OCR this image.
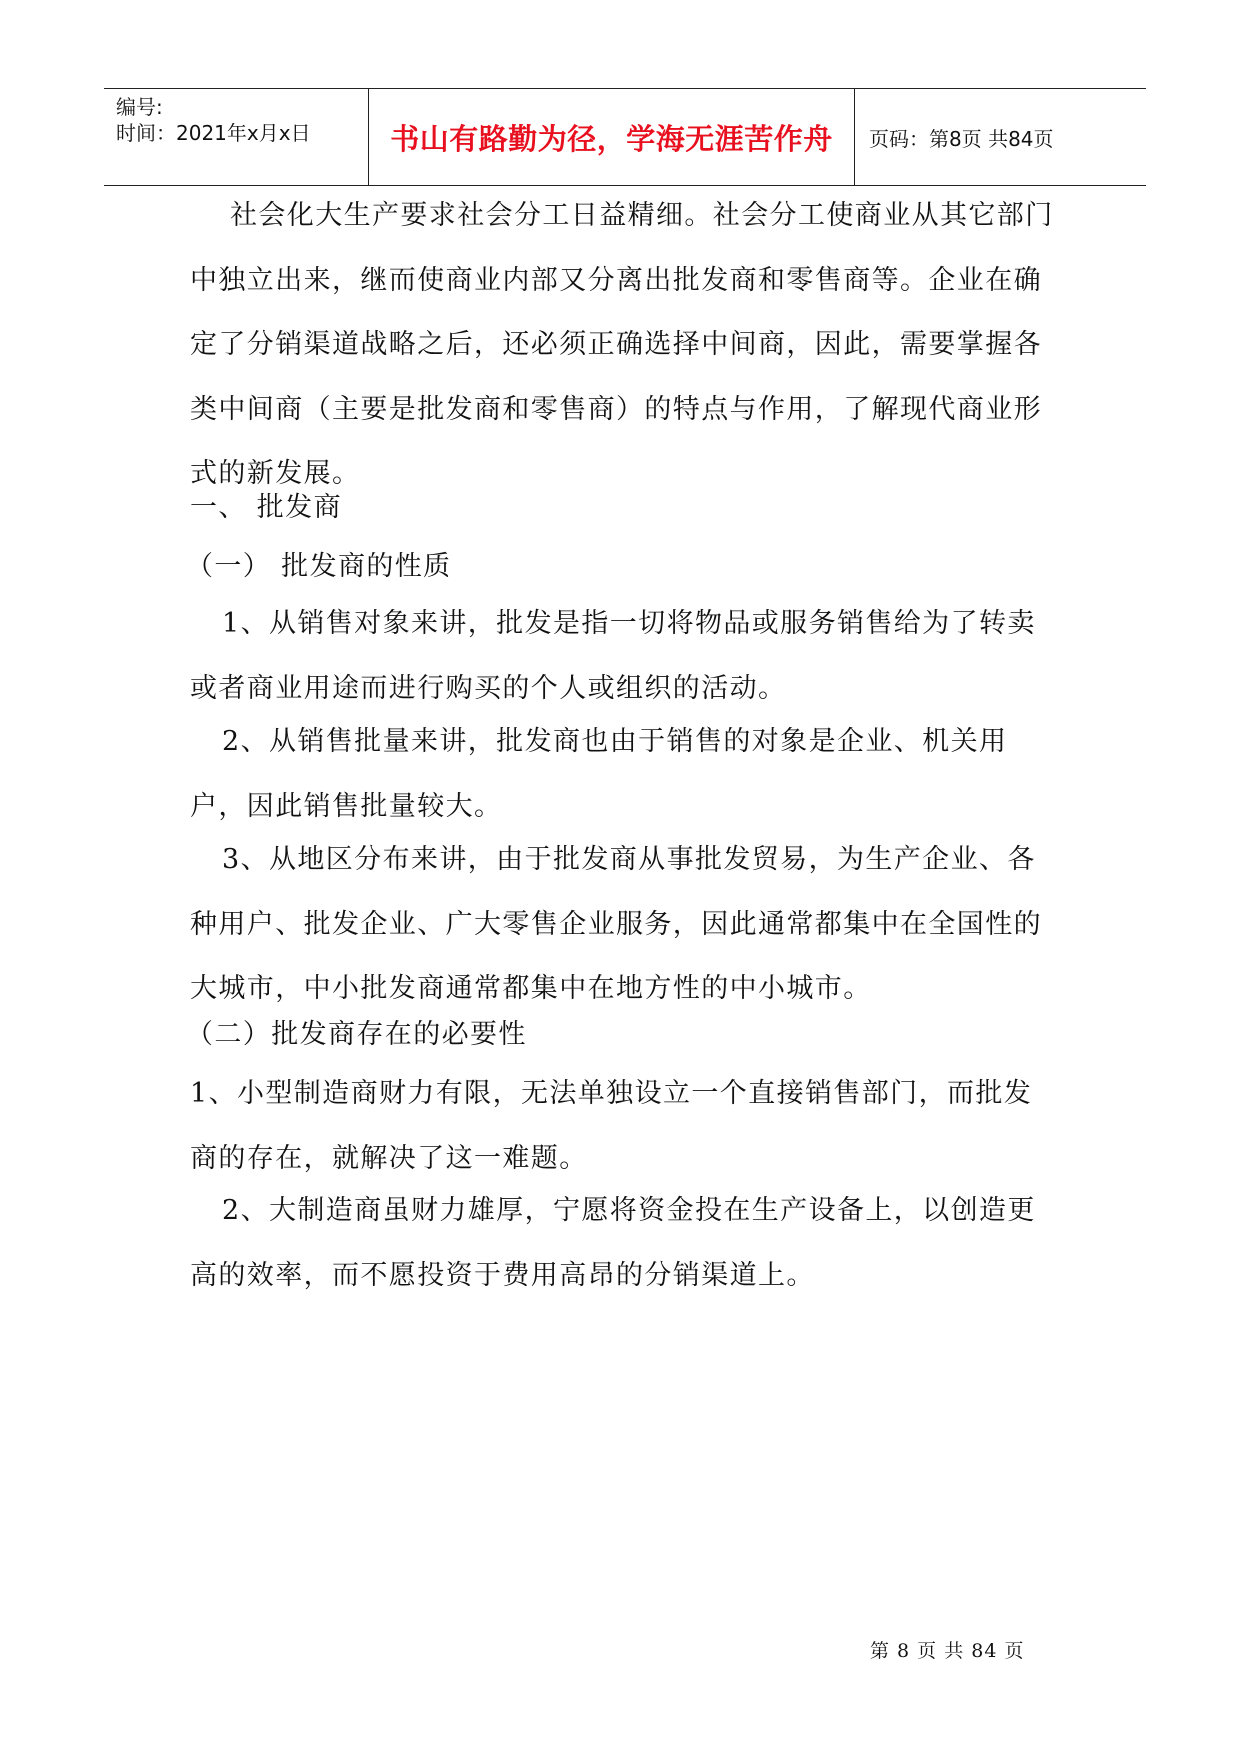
编号:
时间：2021年x月x日	书山有路勤为径，学海无涯苦作舟 页码：第8页 共84页
社会化大生产要求社会分工日益精细。社会分工使商业从其它部门中独立出来，继而使商业内部又分离出批发商和零售商等。企业在确定了分销渠道战略之后，还必须正确选择中间商，因此，需要掌握各类中间商（主要是批发商和零售商）的特点与作用，了解现代商业形式的新发展。
一、 批发商
（一） 批发商的性质
1、从销售对象来讲，批发是指一切将物品或服务销售给为了转卖或者商业用途而进行购买的个人或组织的活动。
2、从销售批量来讲，批发商也由于销售的对象是企业、机关用户，因此销售批量较大。
3、从地区分布来讲，由于批发商从事批发贸易，为生产企业、各种用户、批发企业、广大零售企业服务，因此通常都集中在全国性的大城市，中小批发商通常都集中在地方性的中小城市。
（二）批发商存在的必要性
1、小型制造商财力有限，无法单独设立一个直接销售部门，而批发商的存在，就解决了这一难题。
2、大制造商虽财力雄厚，宁愿将资金投在生产设备上，以创造更高的效率，而不愿投资于费用高昂的分销渠道上。
第 8 页 共 84 页
